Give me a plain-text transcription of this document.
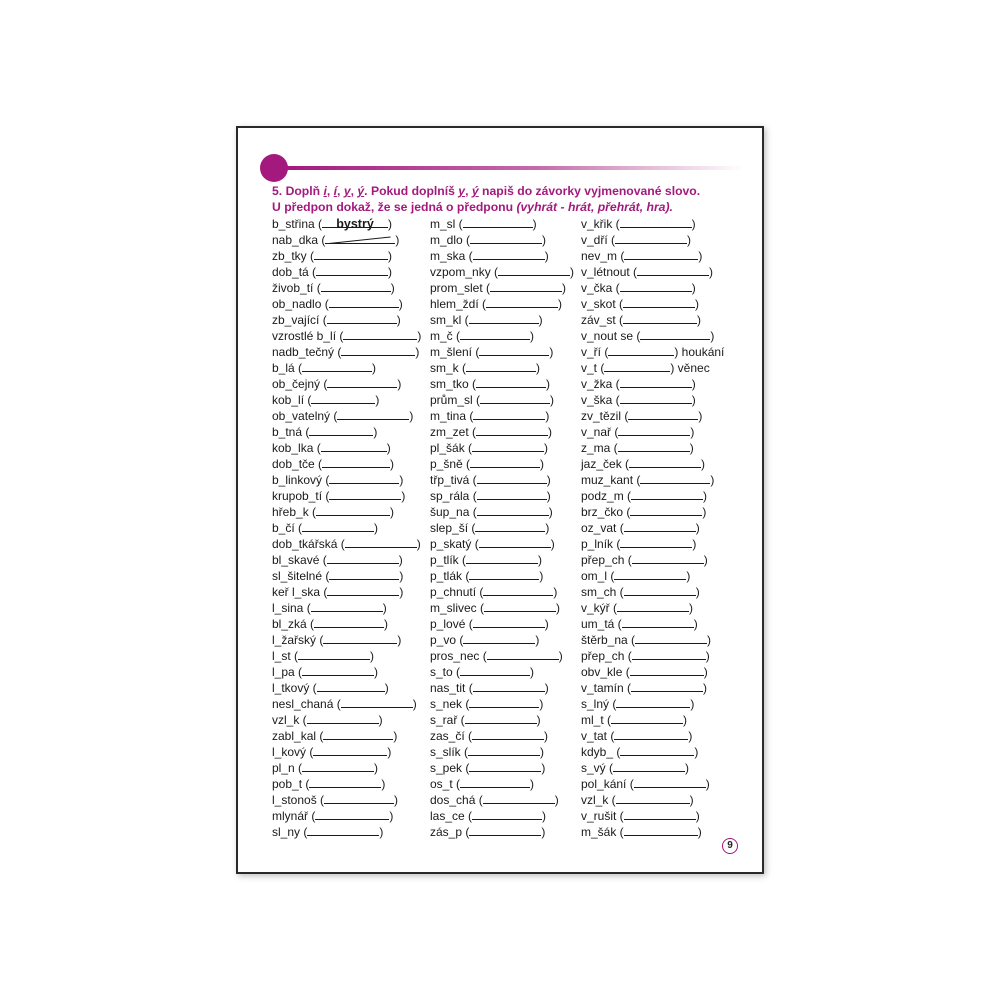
5. Doplň i, í, y, ý. Pokud doplníš y, ý napiš do závorky vyjmenované slovo.
U předpon dokaž, že se jedná o předponu (vyhrát - hrát, přehrát, hra).
b_střina ( bystrý )
nab_dka (	)
zb_tky (	)
dob_tá (	)
živob_tí (	)
ob_nadlo (	)
zb_vající (	)
vzrostlé b_lí (	)
nadb_tečný (	)
b_lá (	)
ob_čejný (	)
kob_lí (	)
ob_vatelný (	)
b_tná (	)
kob_lka (	)
dob_tče (	)
b_linkový (	)
krupob_tí (	)
hřeb_k (	)
b_čí (	)
dob_tkářská (	)
bl_skavé (	)
sl_šitelné (	)
keř l_ska (	)
l_sina (	)
bl_zká (	)
l_žařský (	)
l_st (	)
l_pa (	)
l_tkový (	)
nesl_chaná (	)
vzl_k (	)
zabl_kal (	)
l_kový (	)
pl_n (	)
pob_t (	)
l_stonoš (	)
mlynář (	)
sl_ny (	)
m_sl (	)
m_dlo (	)
m_ska (	)
vzpom_nky (	)
prom_slet (	)
hlem_ždí (	)
sm_kl (	)
m_č (	)
m_šlení (	)
sm_k (	)
sm_tko (	)
prům_sl (	)
m_tina (	)
zm_zet (	)
pl_šák (	)
p_šně (	)
třp_tivá (	)
sp_rála (	)
šup_na (	)
slep_ší (	)
p_skatý (	)
p_tlík (	)
p_tlák (	)
p_chnutí (	)
m_slivec (	)
p_lové (	)
p_vo (	)
pros_nec (	)
s_to (	)
nas_tit (	)
s_nek (	)
s_rař (	)
zas_čí (	)
s_slík (	)
s_pek (	)
os_t (	)
dos_chá (	)
las_ce (	)
zás_p (	)
v_křik (	)
v_dří (	)
nev_m (	)
v_létnout (	)
v_čka (	)
v_skot (	)
záv_st (	)
v_nout se (	)
v_ří (	) houkání
v_t (	) věnec
v_žka (	)
v_ška (	)
zv_tězil (	)
v_nař (	)
z_ma (	)
jaz_ček (	)
muz_kant (	)
podz_m (	)
brz_čko (	)
oz_vat (	)
p_lník (	)
přep_ch (	)
om_l (	)
sm_ch (	)
v_kýř (	)
um_tá (	)
štěrb_na (	)
přep_ch (	)
obv_kle (	)
v_tamín (	)
s_lný (	)
ml_t (	)
v_tat (	)
kdyb_ (	)
s_vý (	)
pol_kání (	)
vzl_k (	)
v_rušit (	)
m_šák (	)
9
